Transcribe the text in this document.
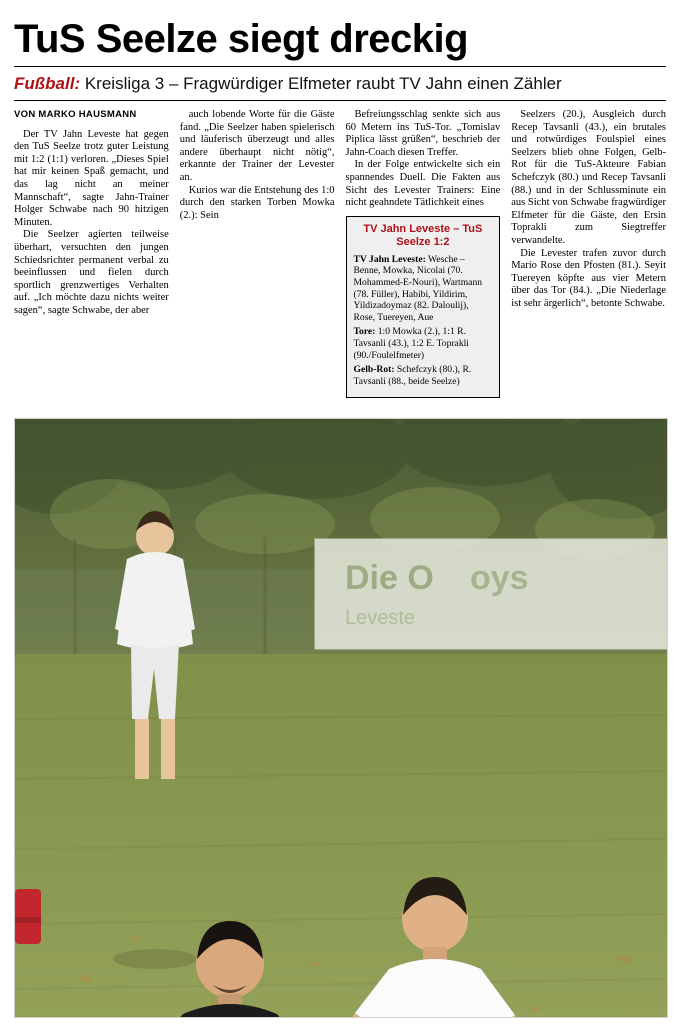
TuS Seelze siegt dreckig
Fußball: Kreisliga 3 – Fragwürdiger Elfmeter raubt TV Jahn einen Zähler
VON MARKO HAUSMANN

Der TV Jahn Leveste hat gegen den TuS Seelze trotz guter Leistung mit 1:2 (1:1) verloren. „Dieses Spiel hat mir keinen Spaß gemacht, und das lag nicht an meiner Mannschaft“, sagte Jahn-Trainer Holger Schwabe nach 90 hitzigen Minuten.

Die Seelzer agierten teilweise überhart, versuchten den jungen Schiedsrichter permanent verbal zu beeinflussen und fielen durch sportlich grenzwertiges Verhalten auf. „Ich möchte dazu nichts weiter sagen“, sagte Schwabe, der aber

auch lobende Worte für die Gäste fand. „Die Seelzer haben spielerisch und läuferisch überzeugt und alles andere überhaupt nicht nötig“, erkannte der Trainer der Levester an.

Kurios war die Entstehung des 1:0 durch den starken Torben Mowka (2.): Sein

Befreiungsschlag senkte sich aus 60 Metern ins TuS-Tor. „Tomislav Piplica lässt grüßen“, beschrieb der Jahn-Coach diesen Treffer.

In der Folge entwickelte sich ein spannendes Duell. Die Fakten aus Sicht des Levester Trainers: Eine nicht geahndete Tätlichkeit eines

TV Jahn Leveste – TuS Seelze 1:2

TV Jahn Leveste: Wesche – Benne, Mowka, Nicolai (70. Mohammed-E-Nouri), Wartmann (78. Füller), Habibi, Yildirim, Yildizadoymaz (82. Daloulij), Rose, Tuereyen, Aue

Tore: 1:0 Mowka (2.), 1:1 R. Tavsanli (43.), 1:2 E. Toprakli (90./Foulelfmeter)

Gelb-Rot: Schefczyk (80.), R. Tavsanli (88., beide Seelze)

Seelzers (20.), Ausgleich durch Recep Tavsanli (43.), ein brutales und rotwürdiges Foulspiel eines Seelzers blieb ohne Folgen, Gelb-Rot für die TuS-Akteure Fabian Schefczyk (80.) und Recep Tavsanli (88.) und in der Schlussminute ein aus Sicht von Schwabe fragwürdiger Elfmeter für die Gäste, den Ersin Toprakli zum Siegtreffer verwandelte.

Die Levester trafen zuvor durch Mario Rose den Pfosten (81.). Seyit Tuereyen köpfte aus vier Metern über das Tor (84.). „Die Niederlage ist sehr ärgerlich“, betonte Schwabe.

Die O oys
Leveste
